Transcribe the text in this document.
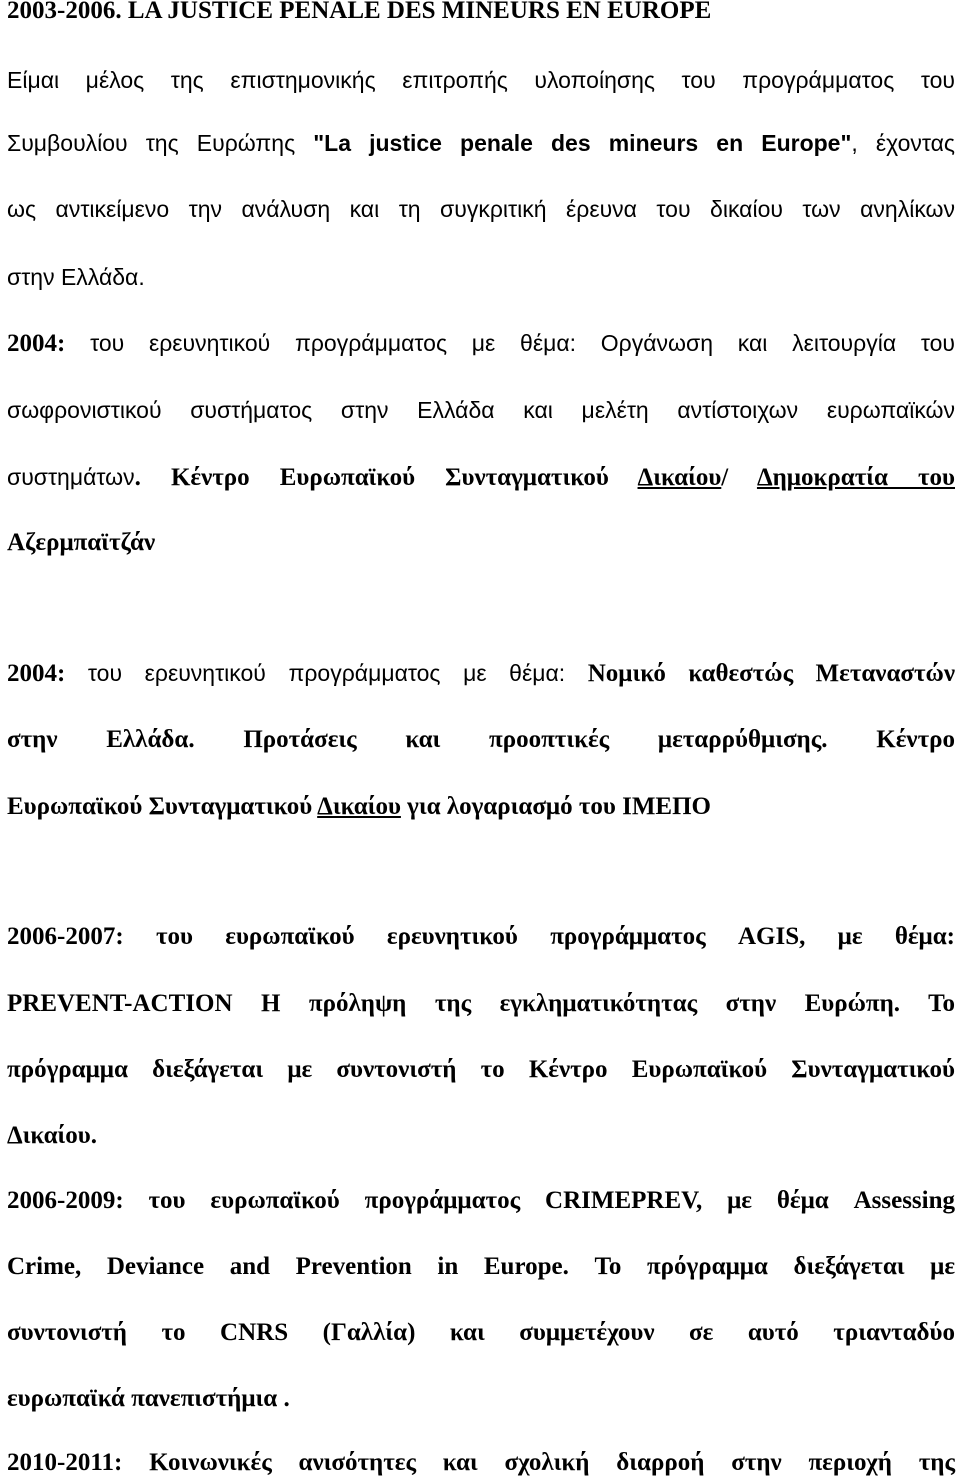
2003-2006. LA JUSTICE PENALE DES MINEURS EN EUROPE
Είμαι μέλος της επιστημονικής επιτροπής υλοποίησης του προγράμματος του
Συμβουλίου της Ευρώπης "La justice penale des mineurs en Europe", έχοντας
ως αντικείμενο την ανάλυση και τη συγκριτική έρευνα του δικαίου των ανηλίκων
στην Ελλάδα.
2004: του ερευνητικού προγράμματος με θέμα: Οργάνωση και λειτουργία του
σωφρονιστικού συστήματος στην Ελλάδα και μελέτη αντίστοιχων ευρωπαϊκών
συστημάτων. Κέντρο Ευρωπαϊκού Συνταγματικού Δικαίου/ Δημοκρατία του
Αζερμπαϊτζάν
2004: του ερευνητικού προγράμματος με θέμα: Νομικό καθεστώς Μεταναστών
στην Ελλάδα. Προτάσεις και προοπτικές μεταρρύθμισης. Κέντρο
Ευρωπαϊκού Συνταγματικού Δικαίου για λογαριασμό του ΙΜΕΠΟ
2006-2007: του ευρωπαϊκού ερευνητικού προγράμματος AGIS, με θέμα:
PREVENT-ACTION Η πρόληψη της εγκληματικότητας στην Ευρώπη. Το
πρόγραμμα διεξάγεται με συντονιστή το Κέντρο Ευρωπαϊκού Συνταγματικού
Δικαίου.
2006-2009: του ευρωπαϊκού προγράμματος CRIMEPREV, με θέμα Assessing
Crime, Deviance and Prevention in Europe. Το πρόγραμμα διεξάγεται με
συντονιστή το CNRS (Γαλλία) και συμμετέχουν σε αυτό τριανταδύο
ευρωπαϊκά πανεπιστήμια .
2010-2011: Κοινωνικές ανισότητες και σχολική διαρροή στην περιοχή της
